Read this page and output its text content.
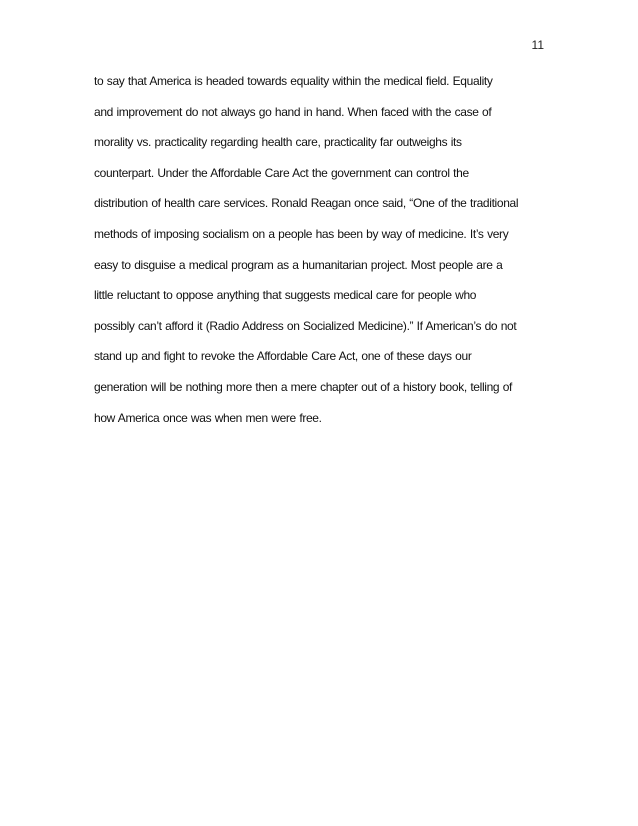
11
to say that America is headed towards equality within the medical field. Equality
and improvement do not always go hand in hand. When faced with the case of
morality vs. practicality regarding health care, practicality far outweighs its
counterpart. Under the Affordable Care Act the government can control the
distribution of health care services. Ronald Reagan once said, “One of the traditional
methods of imposing socialism on a people has been by way of medicine. It’s very
easy to disguise a medical program as a humanitarian project. Most people are a
little reluctant to oppose anything that suggests medical care for people who
possibly can’t afford it (Radio Address on Socialized Medicine).” If American’s do not
stand up and fight to revoke the Affordable Care Act, one of these days our
generation will be nothing more then a mere chapter out of a history book, telling of
how America once was when men were free.
